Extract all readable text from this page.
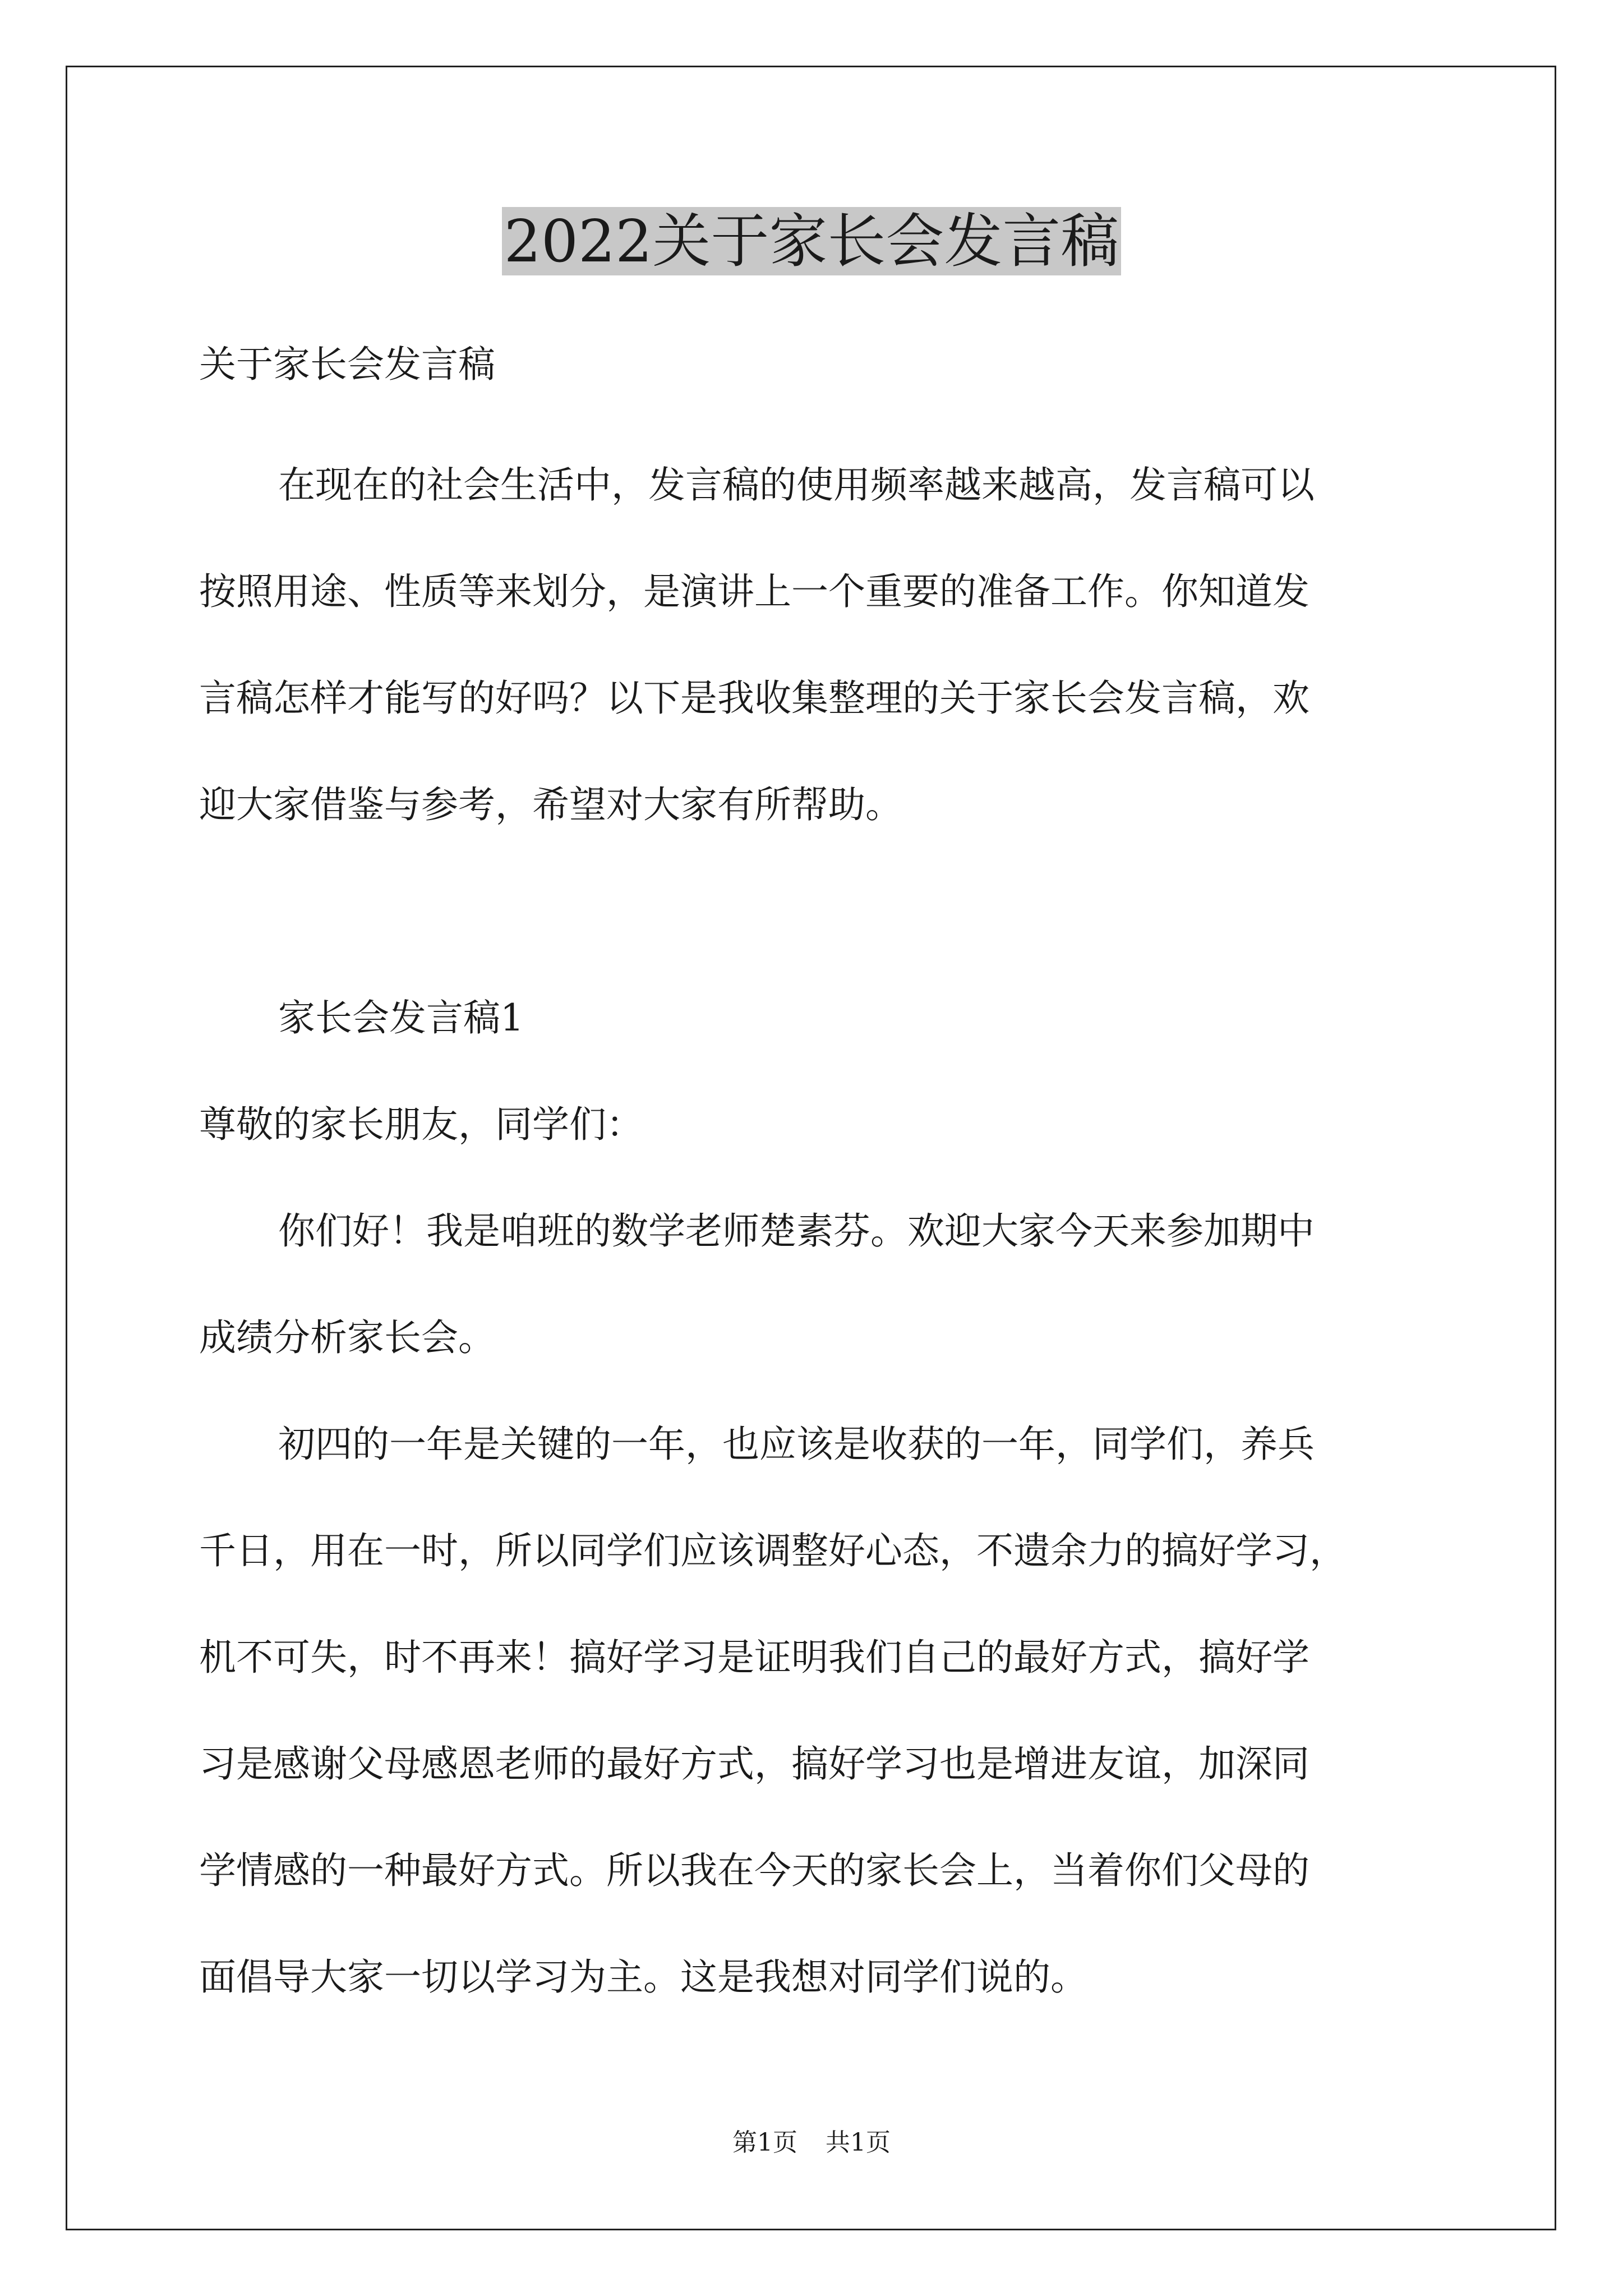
2022关于家长会发言稿

关于家长会发言稿

在现在的社会生活中，发言稿的使用频率越来越高，发言稿可以

按照用途、性质等来划分，是演讲上一个重要的准备工作。你知道发

言稿怎样才能写的好吗？以下是我收集整理的关于家长会发言稿，欢

迎大家借鉴与参考，希望对大家有所帮助。

家长会发言稿1

尊敬的家长朋友，同学们：

你们好！我是咱班的数学老师楚素芬。欢迎大家今天来参加期中

成绩分析家长会。

初四的一年是关键的一年，也应该是收获的一年，同学们，养兵

千日，用在一时，所以同学们应该调整好心态，不遗余力的搞好学习，

机不可失，时不再来！搞好学习是证明我们自己的最好方式，搞好学

习是感谢父母感恩老师的最好方式，搞好学习也是增进友谊，加深同

学情感的一种最好方式。所以我在今天的家长会上，当着你们父母的

面倡导大家一切以学习为主。这是我想对同学们说的。

第1页 共1页
